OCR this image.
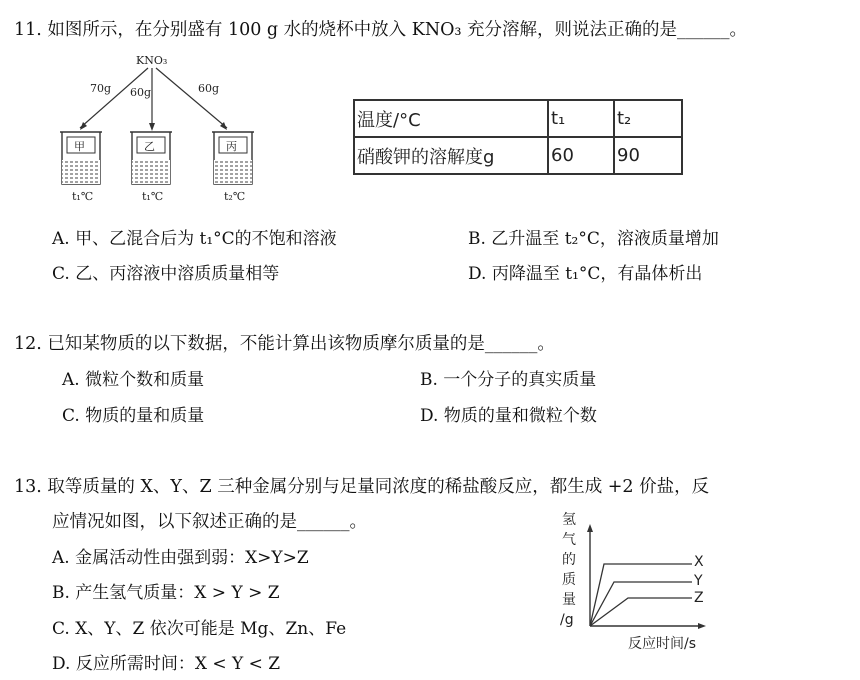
11. 如图所示，在分别盛有 100 g 水的烧杯中放入 KNO₃ 充分溶解，则说法正确的是______。
KNO₃
70g 60g	60g
甲	乙	丙
t₁℃	t₁℃	t₂℃
温度/°C	t₁	t₂
硝酸钾的溶解度g	60	90
A. 甲、乙混合后为 t₁°C的不饱和溶液	B. 乙升温至 t₂°C，溶液质量增加
C. 乙、丙溶液中溶质质量相等	D. 丙降温至 t₁°C，有晶体析出
12. 已知某物质的以下数据，不能计算出该物质摩尔质量的是______。
A. 微粒个数和质量	B. 一个分子的真实质量
C. 物质的量和质量	D. 物质的量和微粒个数
13. 取等质量的 X、Y、Z 三种金属分别与足量同浓度的稀盐酸反应，都生成 +2 价盐，反
应情况如图，以下叙述正确的是______。
A. 金属活动性由强到弱：X>Y>Z
B. 产生氢气质量：X > Y > Z
C. X、Y、Z 依次可能是 Mg、Zn、Fe
D. 反应所需时间：X < Y < Z
氢
气
的
质
量
/g
X
Y
Z
反应时间/s
